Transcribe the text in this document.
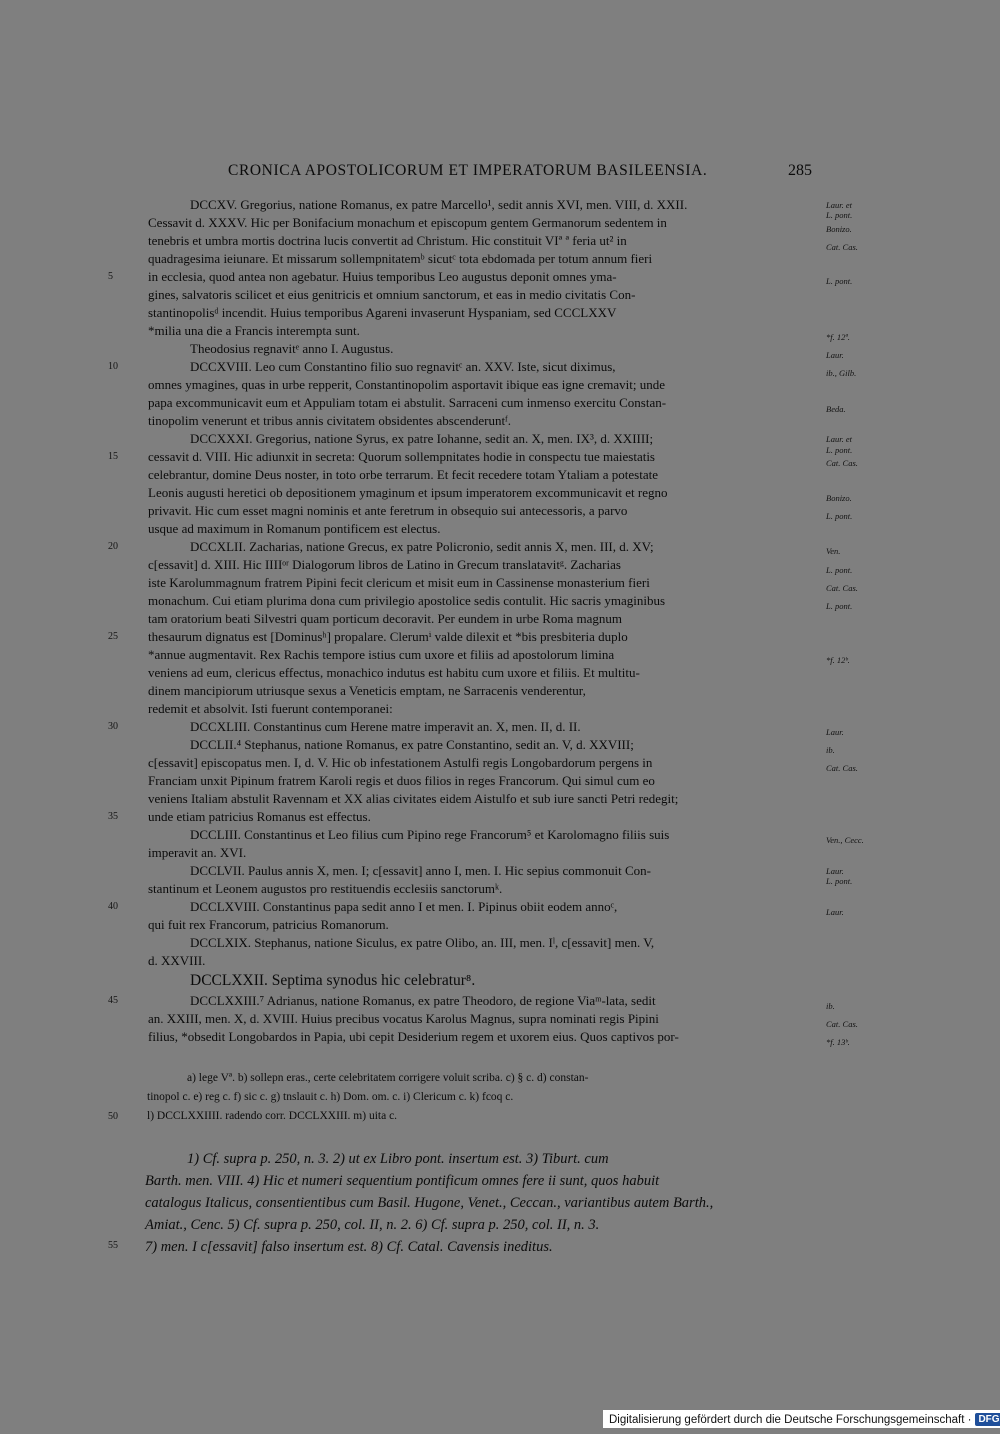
CRONICA APOSTOLICORUM ET IMPERATORUM BASILEENSIA.	285
DCCXV. Gregorius, natione Romanus, ex patre Marcello¹, sedit annis XVI, men. VIII, d. XXII.
Cessavit d. XXXV. Hic per Bonifacium monachum et episcopum gentem Germanorum sedentem in
tenebris et umbra mortis doctrina lucis convertit ad Christum. Hic constituit VIª ª feria ut² in
quadragesima ieiunare. Et missarum sollempnitatemᵇ sicutᶜ tota ebdomada per totum annum fieri
in ecclesia, quod antea non agebatur. Huius temporibus Leo augustus deponit omnes yma-
gines, salvatoris scilicet et eius genitricis et omnium sanctorum, et eas in medio civitatis Con-
stantinopolisᵈ incendit. Huius temporibus Agareni invaserunt Hyspaniam, sed CCCLXXV
*milia una die a Francis interempta sunt.
Theodosius regnavitᵉ anno I. Augustus.
DCCXVIII. Leo cum Constantino filio suo regnavitᶜ an. XXV. Iste, sicut diximus,
omnes ymagines, quas in urbe repperit, Constantinopolim asportavit ibique eas igne cremavit; unde
papa excommunicavit eum et Appuliam totam ei abstulit. Sarraceni cum inmenso exercitu Constan-
tinopolim venerunt et tribus annis civitatem obsidentes abscenderuntᶠ.
DCCXXXI. Gregorius, natione Syrus, ex patre Iohanne, sedit an. X, men. IX³, d. XXIIII;
cessavit d. VIII. Hic adiunxit in secreta: Quorum sollempnitates hodie in conspectu tue maiestatis
celebrantur, domine Deus noster, in toto orbe terrarum. Et fecit recedere totam Ytaliam a potestate
Leonis augusti heretici ob depositionem ymaginum et ipsum imperatorem excommunicavit et regno
privavit. Hic cum esset magni nominis et ante feretrum in obsequio sui antecessoris, a parvo
usque ad maximum in Romanum pontificem est electus.
DCCXLII. Zacharias, natione Grecus, ex patre Policronio, sedit annis X, men. III, d. XV;
c[essavit] d. XIII. Hic IIIIᵒʳ Dialogorum libros de Latino in Grecum translatavitᵍ. Zacharias
iste Karolummagnum fratrem Pipini fecit clericum et misit eum in Cassinense monasterium fieri
monachum. Cui etiam plurima dona cum privilegio apostolice sedis contulit. Hic sacris ymaginibus
tam oratorium beati Silvestri quam porticum decoravit. Per eundem in urbe Roma magnum
thesaurum dignatus est [Dominusʰ] propalare. Clerumⁱ valde dilexit et *bis presbiteria duplo
*annue augmentavit. Rex Rachis tempore istius cum uxore et filiis ad apostolorum limina
veniens ad eum, clericus effectus, monachico indutus est habitu cum uxore et filiis. Et multitu-
dinem mancipiorum utriusque sexus a Veneticis emptam, ne Sarracenis venderentur,
redemit et absolvit. Isti fuerunt contemporanei:
DCCXLIII. Constantinus cum Herene matre imperavit an. X, men. II, d. II.
DCCLII.⁴ Stephanus, natione Romanus, ex patre Constantino, sedit an. V, d. XXVIII;
c[essavit] episcopatus men. I, d. V. Hic ob infestationem Astulfi regis Longobardorum pergens in
Franciam unxit Pipinum fratrem Karoli regis et duos filios in reges Francorum. Qui simul cum eo
veniens Italiam abstulit Ravennam et XX alias civitates eidem Aistulfo et sub iure sancti Petri redegit;
unde etiam patricius Romanus est effectus.
DCCLIII. Constantinus et Leo filius cum Pipino rege Francorum⁵ et Karolomagno filiis suis
imperavit an. XVI.
DCCLVII. Paulus annis X, men. I; c[essavit] anno I, men. I. Hic sepius commonuit Con-
stantinum et Leonem augustos pro restituendis ecclesiis sanctorumᵏ.
DCCLXVIII. Constantinus papa sedit anno I et men. I. Pipinus obiit eodem annoᶜ,
qui fuit rex Francorum, patricius Romanorum.
DCCLXIX. Stephanus, natione Siculus, ex patre Olibo, an. III, men. Iˡ, c[essavit] men. V,
d. XXVIII.
DCCLXXIII.⁷ Adrianus, natione Romanus, ex patre Theodoro, de regione Viaᵐ-lata, sedit
an. XXIII, men. X, d. XVIII. Huius precibus vocatus Karolus Magnus, supra nominati regis Pipini
filius, *obsedit Longobardos in Papia, ubi cepit Desiderium regem et uxorem eius. Quos captivos por-
5
10
15
20
25
30
35
40
45
50
55
Laur. et
L. pont.
Bonizo.
Cat. Cas.
L. pont.
*f. 12ª.
Laur.
ib., Gilb.
Beda.
Laur. et
L. pont.
Cat. Cas.
Bonizo.
L. pont.
Ven.
L. pont.
Cat. Cas.
L. pont.
*f. 12ᵇ.
Laur.
ib.
Cat. Cas.
Ven., Cecc.
Laur.
L. pont.
Laur.
ib.
Cat. Cas.
*f. 13ᵇ.
DCCLXXII. Septima synodus hic celebratur⁸.
a) lege Vª. b) sollepn eras., certe celebritatem corrigere voluit scriba. c) § c. d) constan-
tinopol c. e) reg c. f) sic c. g) tnslauit c. h) Dom. om. c. i) Clericum c. k) fcoq c.
l) DCCLXXIIII. radendo corr. DCCLXXIII. m) uita c.
1) Cf. supra p. 250, n. 3. 2) ut ex Libro pont. insertum est. 3) Tiburt. cum
Barth. men. VIII. 4) Hic et numeri sequentium pontificum omnes fere ii sunt, quos habuit
catalogus Italicus, consentientibus cum Basil. Hugone, Venet., Ceccan., variantibus autem Barth.,
Amiat., Cenc. 5) Cf. supra p. 250, col. II, n. 2. 6) Cf. supra p. 250, col. II, n. 3.
7) men. I c[essavit] falso insertum est. 8) Cf. Catal. Cavensis ineditus.
Digitalisierung gefördert durch die Deutsche Forschungsgemeinschaft · DFG
